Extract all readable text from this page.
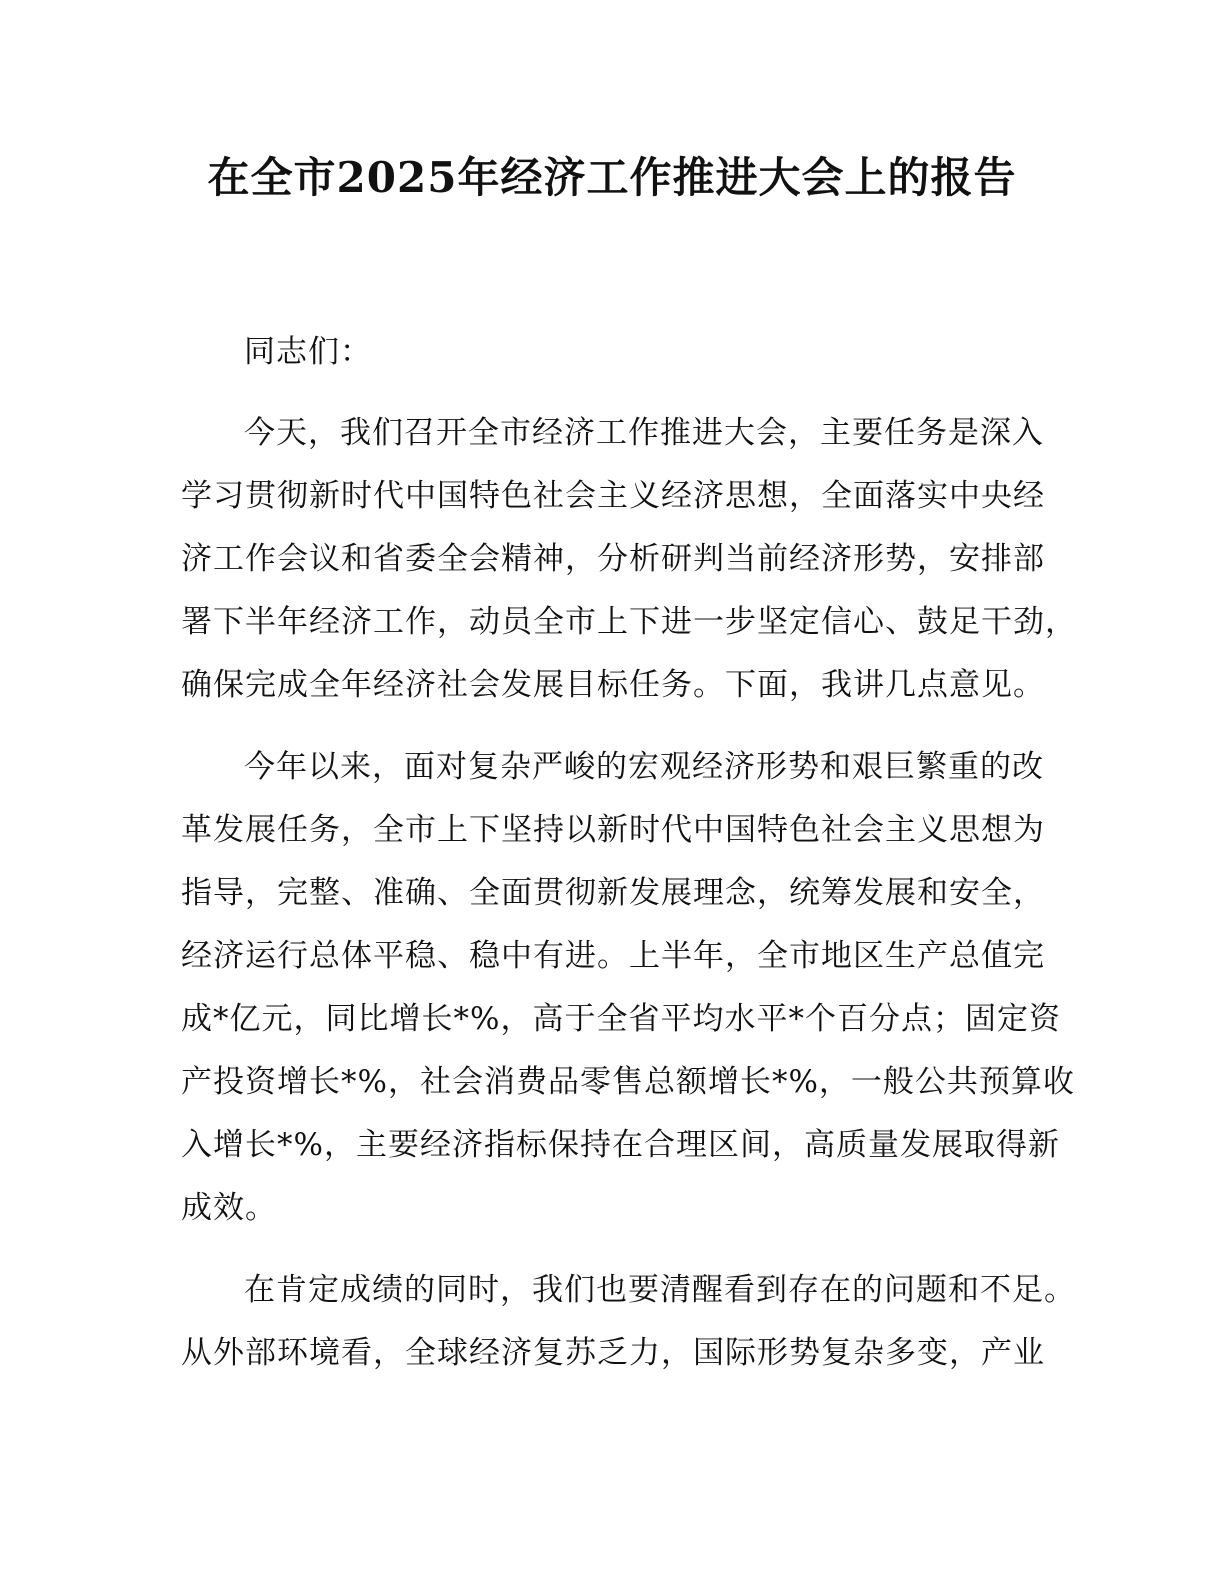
在全市2025年经济工作推进大会上的报告
同志们：
今天，我们召开全市经济工作推进大会，主要任务是深入
学习贯彻新时代中国特色社会主义经济思想，全面落实中央经
济工作会议和省委全会精神，分析研判当前经济形势，安排部
署下半年经济工作，动员全市上下进一步坚定信心、鼓足干劲，
确保完成全年经济社会发展目标任务。下面，我讲几点意见。
今年以来，面对复杂严峻的宏观经济形势和艰巨繁重的改
革发展任务，全市上下坚持以新时代中国特色社会主义思想为
指导，完整、准确、全面贯彻新发展理念，统筹发展和安全，
经济运行总体平稳、稳中有进。上半年，全市地区生产总值完
成*亿元，同比增长*%，高于全省平均水平*个百分点；固定资
产投资增长*%，社会消费品零售总额增长*%，一般公共预算收
入增长*%，主要经济指标保持在合理区间，高质量发展取得新
成效。
在肯定成绩的同时，我们也要清醒看到存在的问题和不足。
从外部环境看，全球经济复苏乏力，国际形势复杂多变，产业
